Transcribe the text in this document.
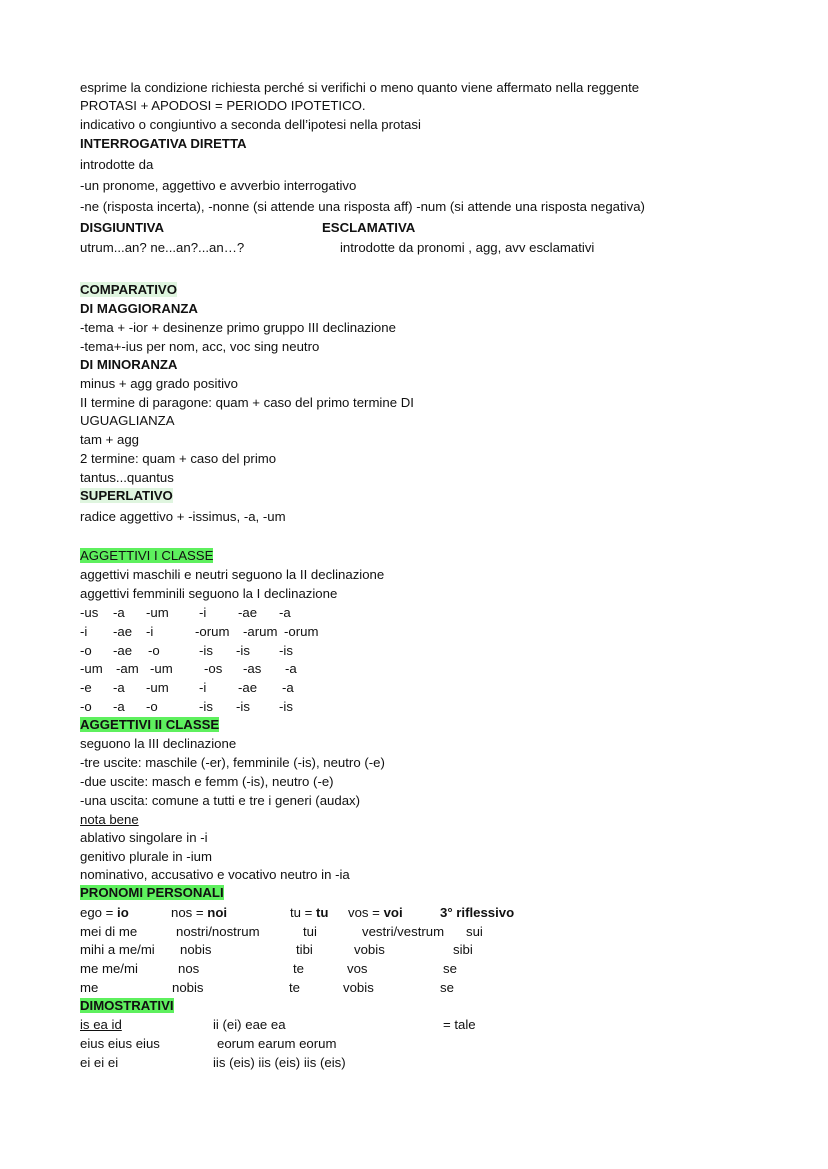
esprime la condizione richiesta perché si verifichi o meno quanto viene affermato nella reggente
PROTASI + APODOSI = PERIODO IPOTETICO.
indicativo o congiuntivo a seconda dell’ipotesi nella protasi
INTERROGATIVA DIRETTA
introdotte da
-un pronome, aggettivo e avverbio interrogativo
-ne (risposta incerta), -nonne (si attende una risposta aff) -num (si attende una risposta negativa)
DISGIUNTIVA	ESCLAMATIVA
utrum...an? ne...an?...an…?	introdotte da pronomi , agg, avv esclamativi
COMPARATIVO
DI MAGGIORANZA
-tema + -ior + desinenze primo gruppo III declinazione
-tema+-ius per nom, acc, voc sing neutro
DI MINORANZA
minus + agg grado positivo
II termine di paragone: quam + caso del primo termine DI
UGUAGLIANZA
tam + agg
2 termine: quam + caso del primo
tantus...quantus
SUPERLATIVO
radice aggettivo + -issimus, -a, -um
AGGETTIVI I CLASSE
aggettivi maschili e neutri seguono la II declinazione
aggettivi femminili seguono la I declinazione
-us -a -um -i -ae -a
-i -ae -i	-orum -arum -orum
-o -ae -o	-is -is -is
-um -am -um -os -as -a
-e -a -um -i -ae -a
-o -a -o	-is -is -is
AGGETTIVI II CLASSE
seguono la III declinazione
-tre uscite: maschile (-er), femminile (-is), neutro (-e)
-due uscite: masch e femm (-is), neutro (-e)
-una uscita: comune a tutti e tre i generi (audax)
nota bene
ablativo singolare in -i
genitivo plurale in -ium
nominativo, accusativo e vocativo neutro in -ia
PRONOMI PERSONALI
ego = io	nos = noi	tu = tu vos = voi	3° riflessivo
mei di me	nostri/nostrum	tui	vestri/vestrum sui
mihi a me/mi nobis	tibi	vobis	sibi
me me/mi	nos	te	vos	se
me	nobis	te	vobis	se
DIMOSTRATIVI
is ea id	ii (ei) eae ea	= tale
eius eius eius	eorum earum eorum
ei ei ei	iis (eis) iis (eis) iis (eis)
